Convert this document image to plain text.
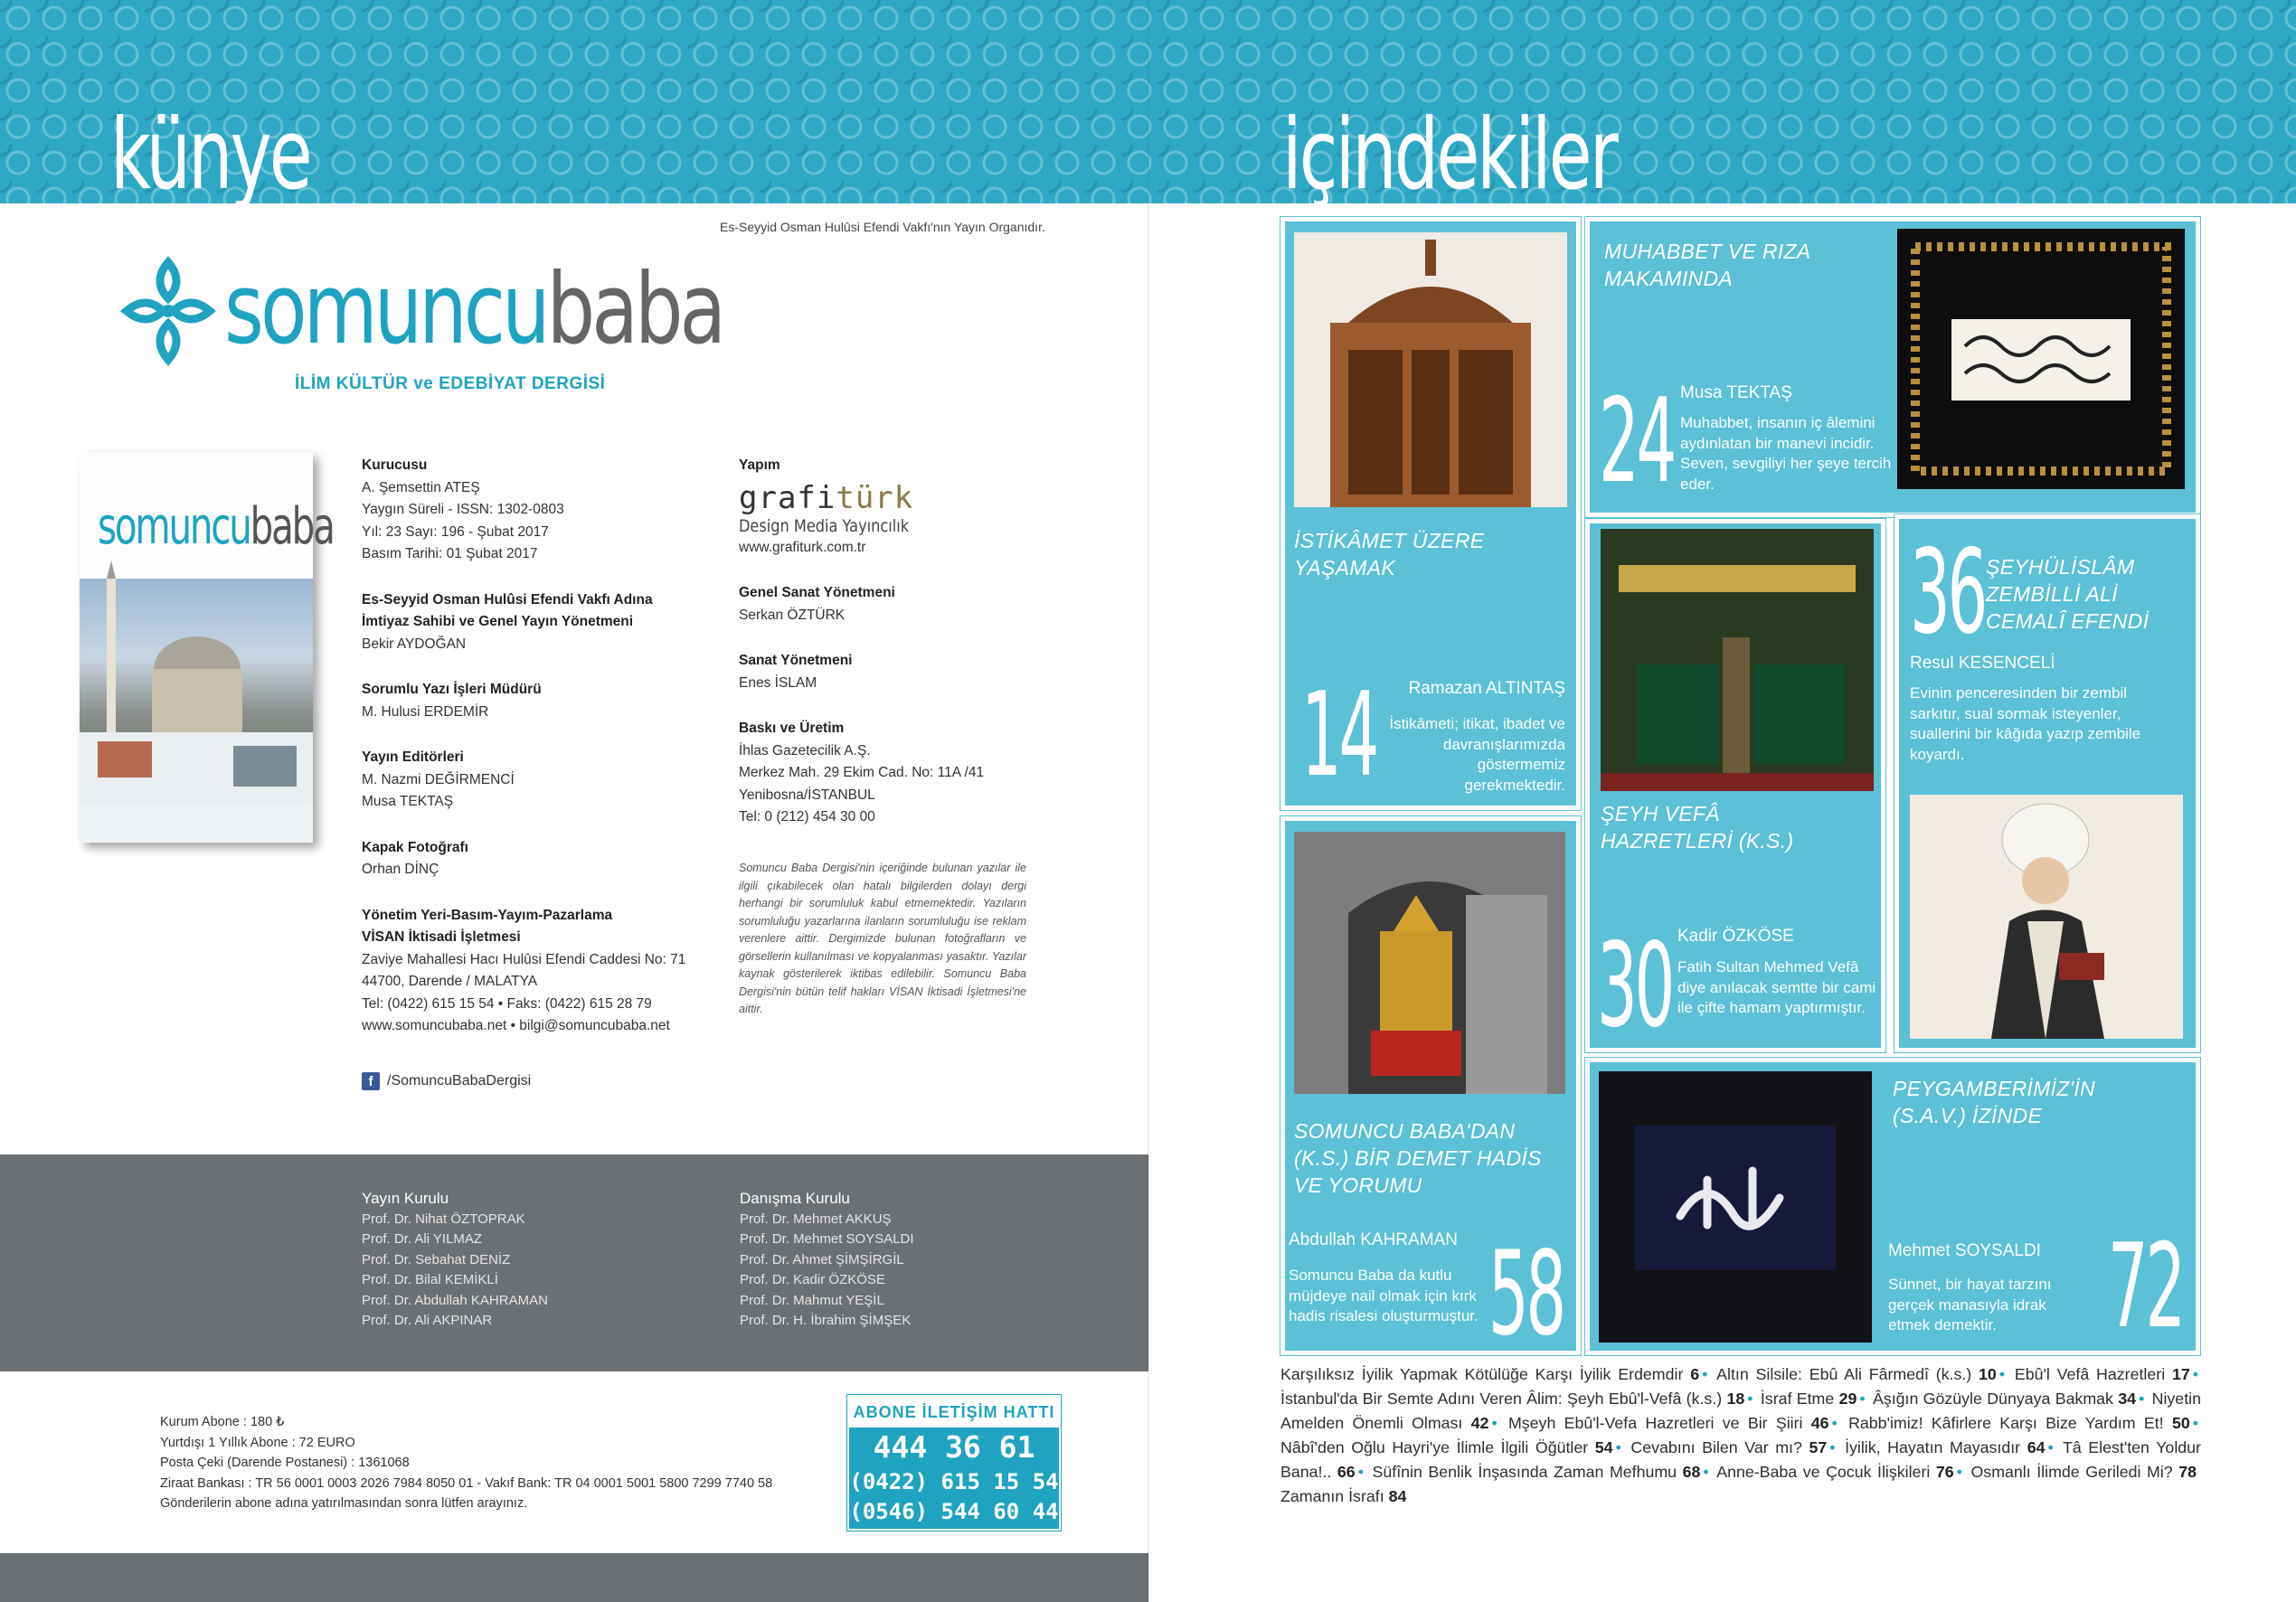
künye	içindekiler
Es-Seyyid Osman Hulûsi Efendi Vakfı'nın Yayın Organıdır.
somuncubaba
İLİM KÜLTÜR ve EDEBİYAT DERGİSİ
somuncubaba
Kurucusu
A. Şemsettin ATEŞ
Yaygın Süreli - ISSN: 1302-0803
Yıl: 23 Sayı: 196 - Şubat 2017
Basım Tarihi: 01 Şubat 2017
Es-Seyyid Osman Hulûsi Efendi Vakfı Adına
İmtiyaz Sahibi ve Genel Yayın Yönetmeni
Bekir AYDOĞAN
Sorumlu Yazı İşleri Müdürü
M. Hulusi ERDEMİR
Yayın Editörleri
M. Nazmi DEĞİRMENCİ
Musa TEKTAŞ
Kapak Fotoğrafı
Orhan DİNÇ
Yönetim Yeri-Basım-Yayım-Pazarlama
VİSAN İktisadi İşletmesi
Zaviye Mahallesi Hacı Hulûsi Efendi Caddesi No: 71
44700, Darende / MALATYA
Tel: (0422) 615 15 54 • Faks: (0422) 615 28 79
www.somuncubaba.net • bilgi@somuncubaba.net
f /SomuncuBabaDergisi
Yapım
grafitürk
Design Media Yayıncılık
www.grafiturk.com.tr
Genel Sanat Yönetmeni
Serkan ÖZTÜRK
Sanat Yönetmeni
Enes İSLAM
Baskı ve Üretim
İhlas Gazetecilik A.Ş.
Merkez Mah. 29 Ekim Cad. No: 11A /41
Yenibosna/İSTANBUL
Tel: 0 (212) 454 30 00
Somuncu Baba Dergisi'nin içeriğinde bulunan yazılar ile ilgili çıkabilecek olan hatalı bilgilerden dolayı dergi herhangi bir sorumluluk kabul etmemektedir. Yazıların sorumluluğu yazarlarına ilanların sorumluluğu ise reklam verenlere aittir. Dergimizde bulunan fotoğrafların ve görsellerin kullanılması ve kopyalanması yasaktır. Yazılar kaynak gösterilerek iktibas edilebilir. Somuncu Baba Dergisi'nin bütün telif hakları VİSAN İktisadi İşletmesi'ne aittir.
Yayın Kurulu
Prof. Dr. Nihat ÖZTOPRAK
Prof. Dr. Ali YILMAZ
Prof. Dr. Sebahat DENİZ
Prof. Dr. Bilal KEMİKLİ
Prof. Dr. Abdullah KAHRAMAN
Prof. Dr. Ali AKPINAR
Danışma Kurulu
Prof. Dr. Mehmet AKKUŞ
Prof. Dr. Mehmet SOYSALDI
Prof. Dr. Ahmet ŞİMŞİRGİL
Prof. Dr. Kadir ÖZKÖSE
Prof. Dr. Mahmut YEŞİL
Prof. Dr. H. İbrahim ŞİMŞEK
Kurum Abone : 180 ₺
Yurtdışı 1 Yıllık Abone : 72 EURO
Posta Çeki (Darende Postanesi) : 1361068
Ziraat Bankası : TR 56 0001 0003 2026 7984 8050 01 - Vakıf Bank: TR 04 0001 5001 5800 7299 7740 58
Gönderilerin abone adına yatırılmasından sonra lütfen arayınız.
ABONE İLETİŞİM HATTI
444 36 61
(0422) 615 15 54
(0546) 544 60 44
İSTİKÂMET ÜZERE YAŞAMAK
14 Ramazan ALTINTAŞ
İstikâmeti; itikat, ibadet ve davranışlarımızda göstermemiz gerekmektedir.
MUHABBET VE RIZA MAKAMINDA
24 Musa TEKTAŞ
Muhabbet, insanın iç âlemini aydınlatan bir manevi incidir. Seven, sevgiliyi her şeye tercih eder.
ŞEYH VEFÂ HAZRETLERİ (K.S.)
30 Kadir ÖZKÖSE
Fatih Sultan Mehmed Vefâ diye anılacak semtte bir cami ile çifte hamam yaptırmıştır.
36 ŞEYHÜLİSLÂM ZEMBİLLİ ALİ CEMALÎ EFENDİ
Resul KESENCELİ
Evinin penceresinden bir zembil sarkıtır, sual sormak isteyenler, suallerini bir kâğıda yazıp zembile koyardı.
SOMUNCU BABA'DAN (K.S.) BİR DEMET HADİS VE YORUMU
Abdullah KAHRAMAN
Somuncu Baba da kutlu müjdeye nail olmak için kırk hadis risalesi oluşturmuştur. 58
PEYGAMBERİMİZ'İN (S.A.V.) İZİNDE
Mehmet SOYSALDI
Sünnet, bir hayat tarzını gerçek manasıyla idrak etmek demektir. 72
Karşılıksız İyilik Yapmak Kötülüğe Karşı İyilik Erdemdir 6 • Altın Silsile: Ebû Ali Fârmedî (k.s.) 10 • Ebû'l Vefâ Hazretleri 17 • İstanbul'da Bir Semte Adını Veren Âlim: Şeyh Ebû'l-Vefâ (k.s.) 18 • İsraf Etme 29 • Âşığın Gözüyle Dünyaya Bakmak 34 • Niyetin Amelden Önemli Olması 42 • Mşeyh Ebû'l-Vefa Hazretleri ve Bir Şiiri 46 • Rabb'imiz! Kâfirlere Karşı Bize Yardım Et! 50 • Nâbî'den Oğlu Hayri'ye İlimle İlgili Öğütler 54 • Cevabını Bilen Var mı? 57 • İyilik, Hayatın Mayasıdır 64 • Tâ Elest'ten Yoldur Bana!.. 66 • Süfînin Benlik İnşasında Zaman Mefhumu 68 • Anne-Baba ve Çocuk İlişkileri 76 • Osmanlı İlimde Geriledi Mi? 78  Zamanın İsrafı 84
